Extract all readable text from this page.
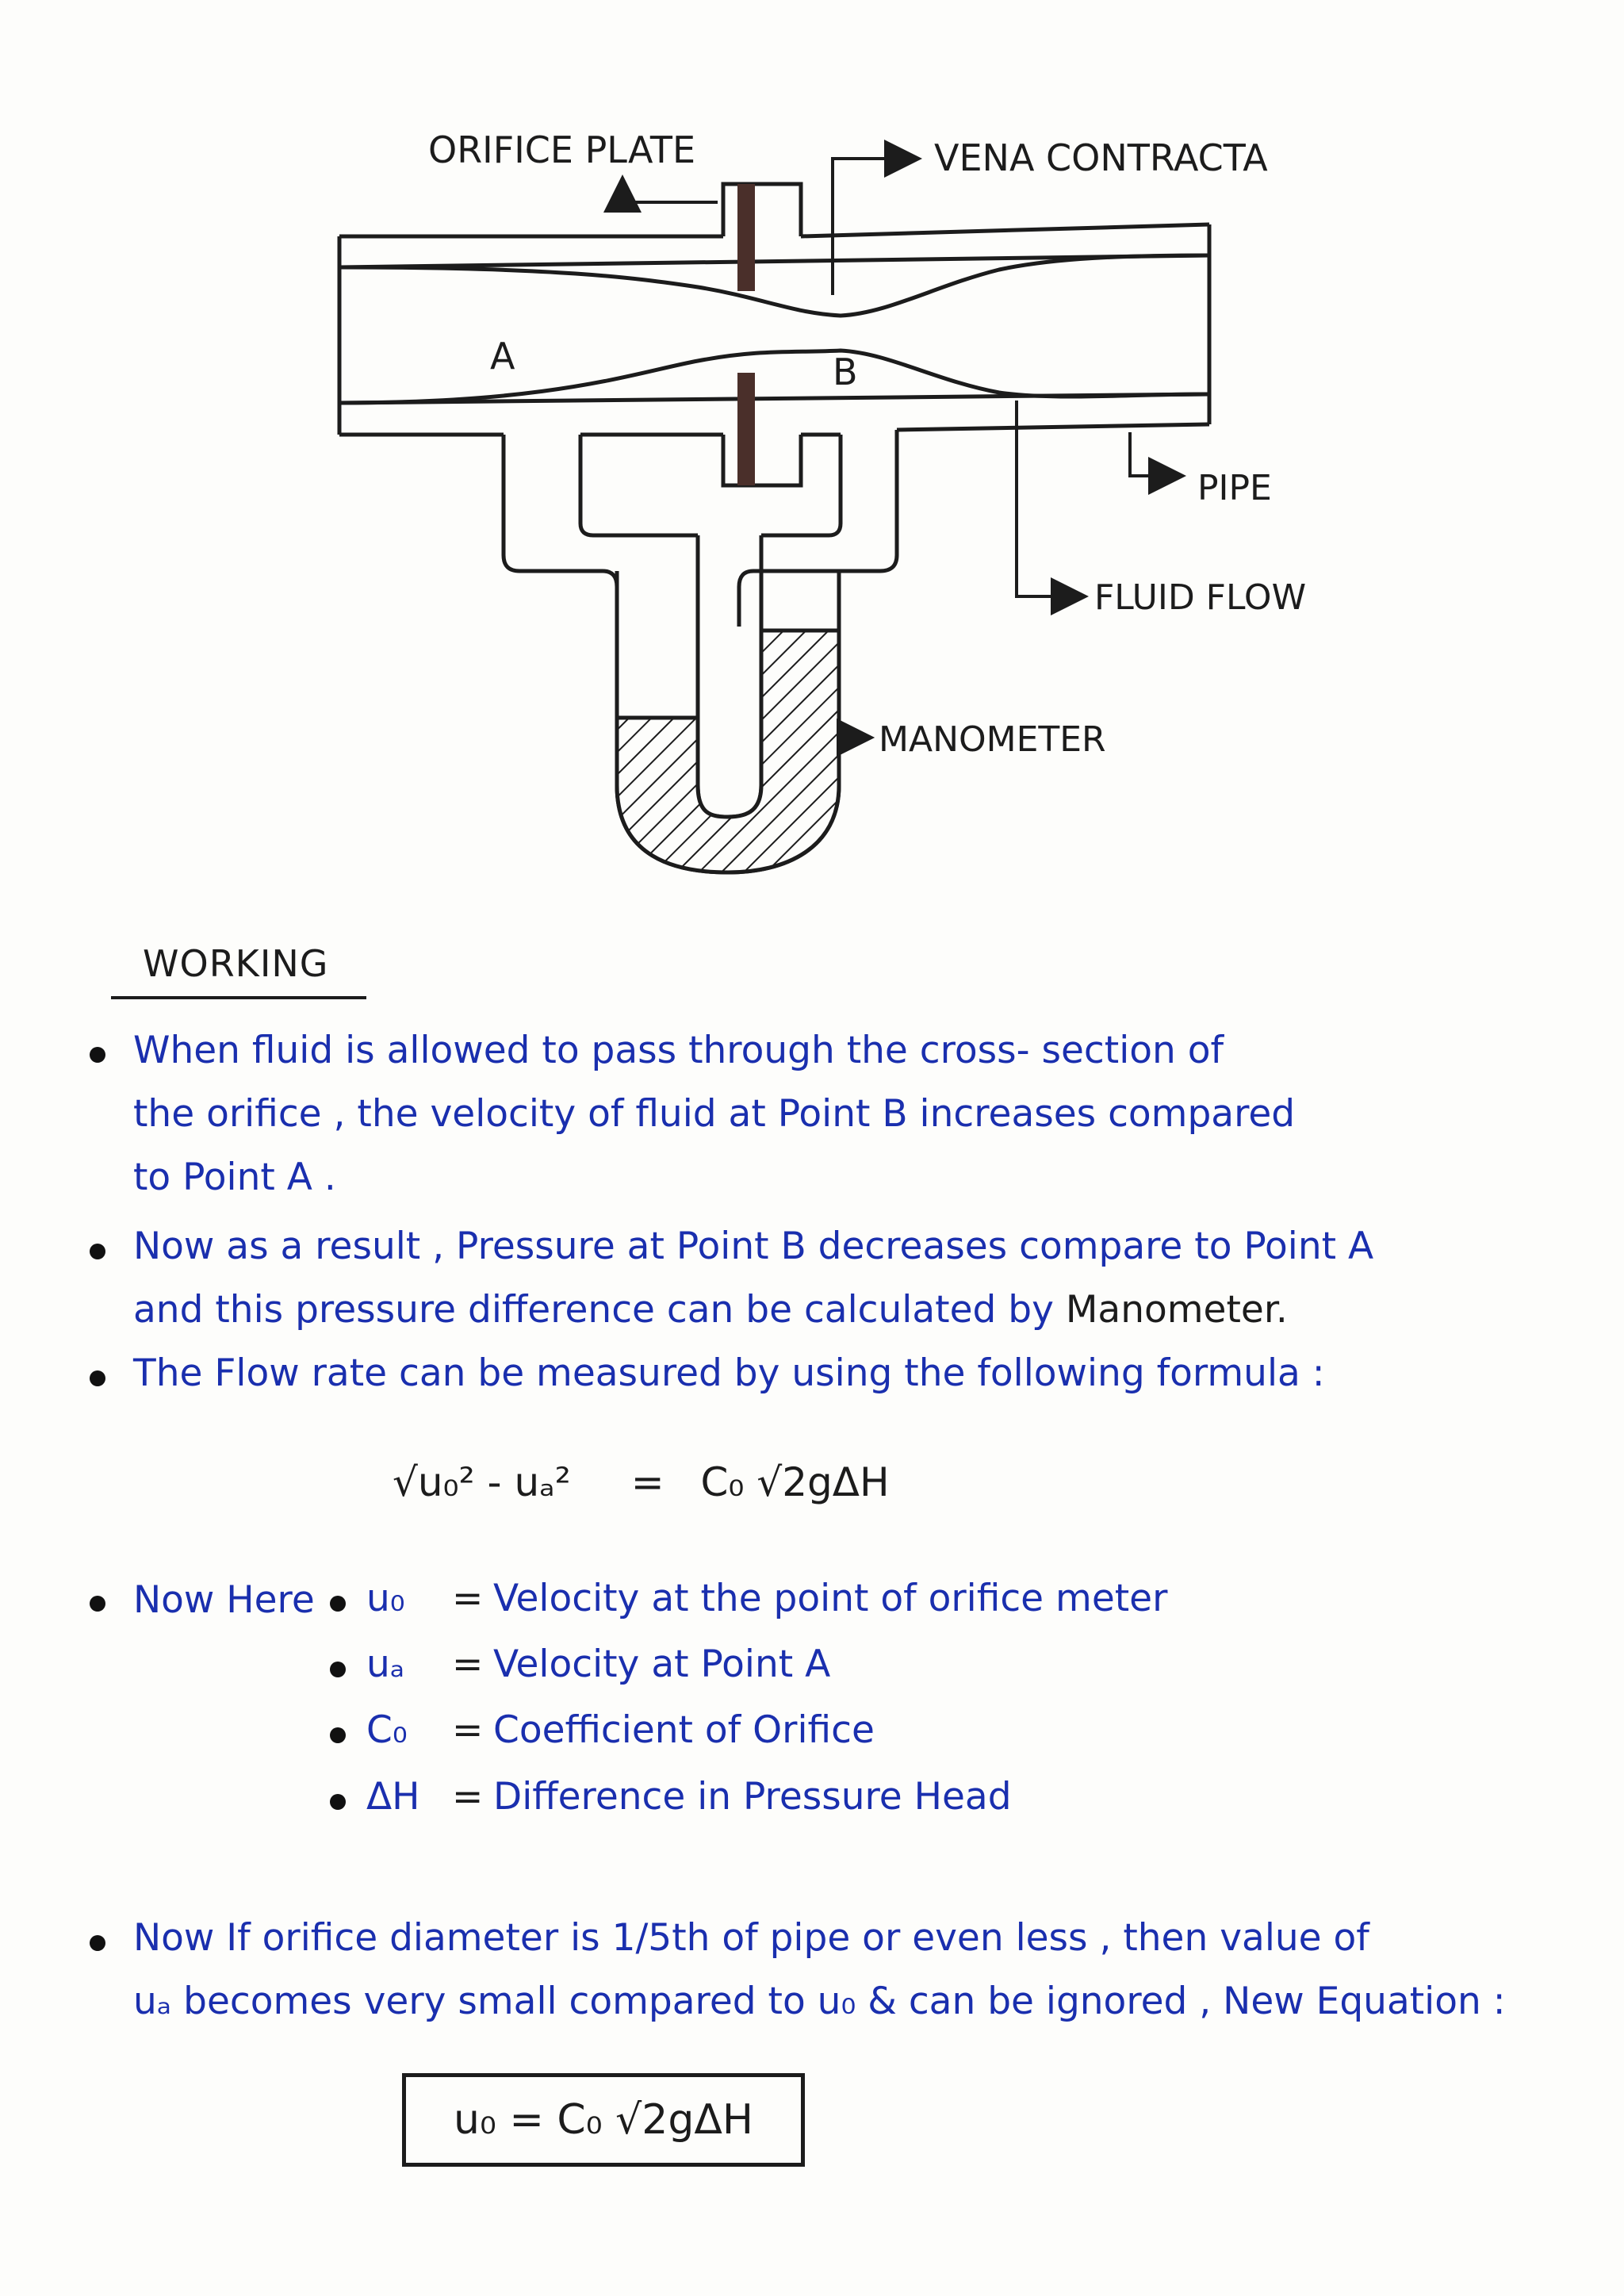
ORIFICE PLATE	VENA CONTRACTA
A	B
PIPE
FLUID FLOW
MANOMETER
WORKING
When fluid is allowed to pass through the cross- section of
the orifice , the velocity of fluid at Point B increases compared
to Point A .
Now as a result , Pressure at Point B decreases compare to Point A
and this pressure difference can be calculated by Manometer.
The Flow rate can be measured by using the following formula :
√u₀² - uₐ² = C₀ √2gΔH
Now Here	u₀ = Velocity at the point of orifice meter
uₐ = Velocity at Point A
C₀ = Coefficient of Orifice
ΔH = Difference in Pressure Head
Now If orifice diameter is 1/5th of pipe or even less , then value of
uₐ becomes very small compared to u₀ & can be ignored , New Equation :
u₀ = C₀ √2gΔH
